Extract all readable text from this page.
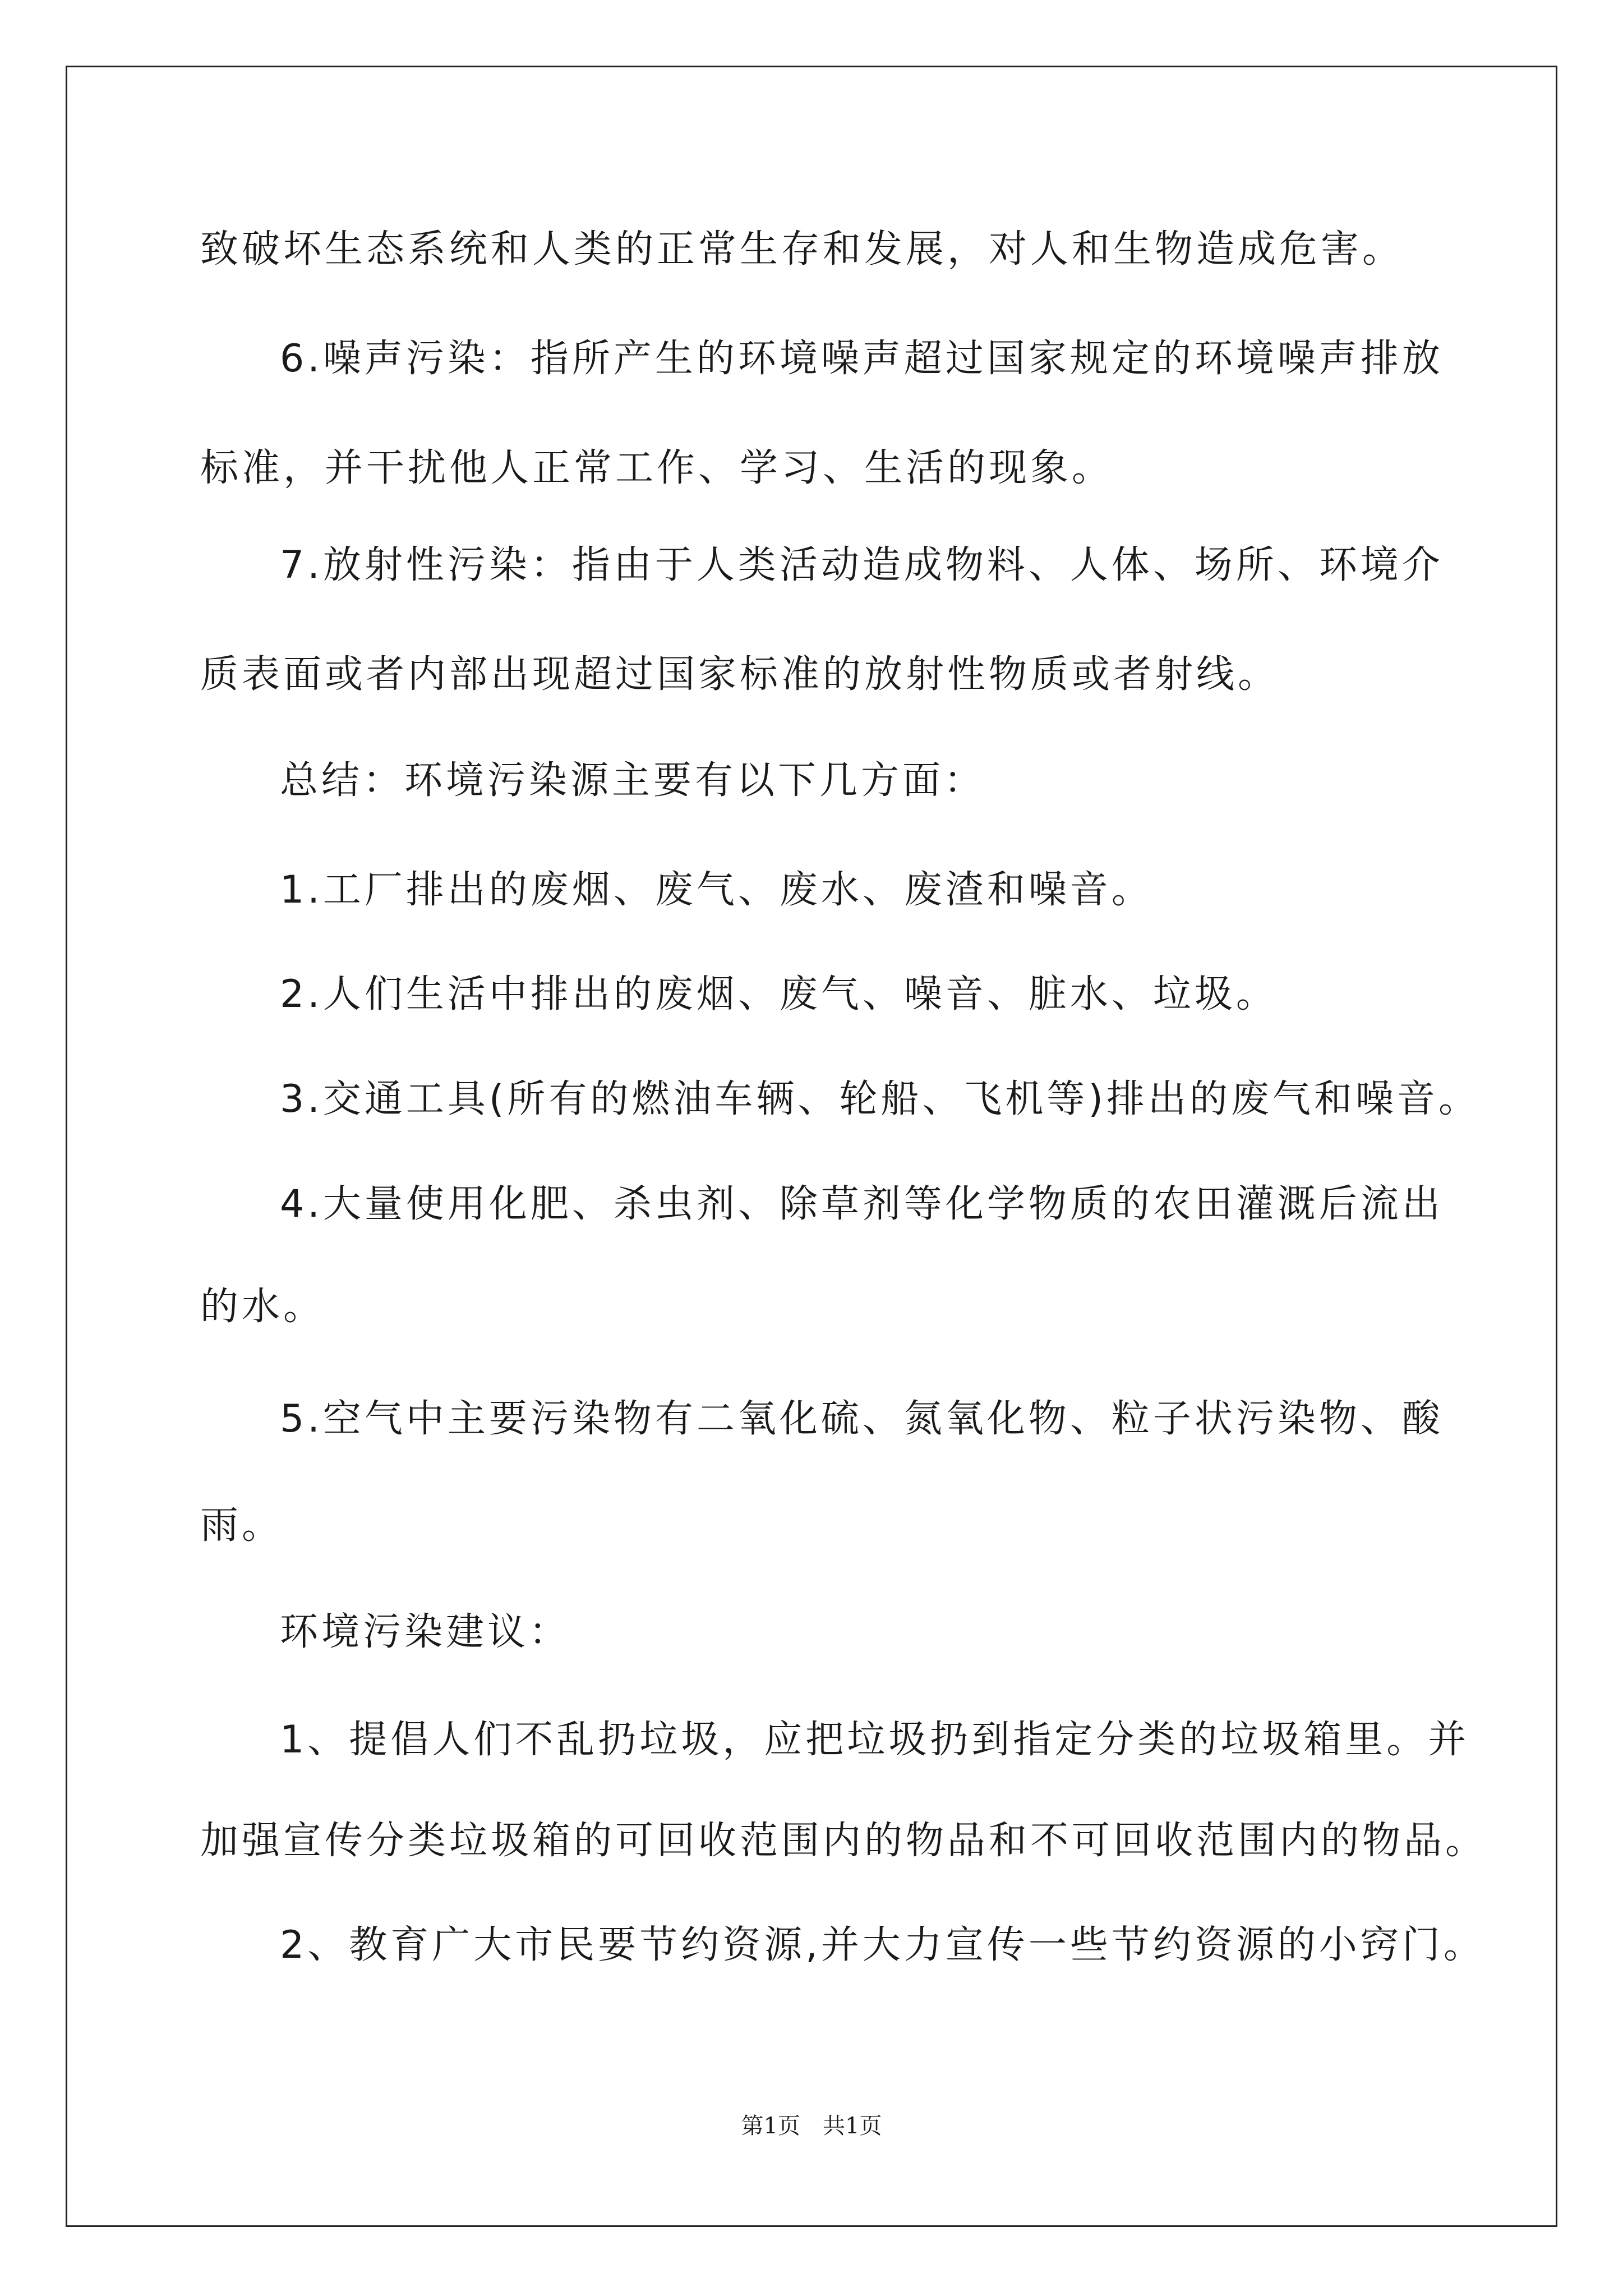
致破坏生态系统和人类的正常生存和发展，对人和生物造成危害。
6.噪声污染：指所产生的环境噪声超过国家规定的环境噪声排放
标准，并干扰他人正常工作、学习、生活的现象。
7.放射性污染：指由于人类活动造成物料、人体、场所、环境介
质表面或者内部出现超过国家标准的放射性物质或者射线。
总结：环境污染源主要有以下几方面：
1.工厂排出的废烟、废气、废水、废渣和噪音。
2.人们生活中排出的废烟、废气、噪音、脏水、垃圾。
3.交通工具(所有的燃油车辆、轮船、飞机等)排出的废气和噪音。
4.大量使用化肥、杀虫剂、除草剂等化学物质的农田灌溉后流出
的水。
5.空气中主要污染物有二氧化硫、氮氧化物、粒子状污染物、酸
雨。
环境污染建议：
1、提倡人们不乱扔垃圾，应把垃圾扔到指定分类的垃圾箱里。并
加强宣传分类垃圾箱的可回收范围内的物品和不可回收范围内的物品。
2、教育广大市民要节约资源,并大力宣传一些节约资源的小窍门。
第1页　共1页
